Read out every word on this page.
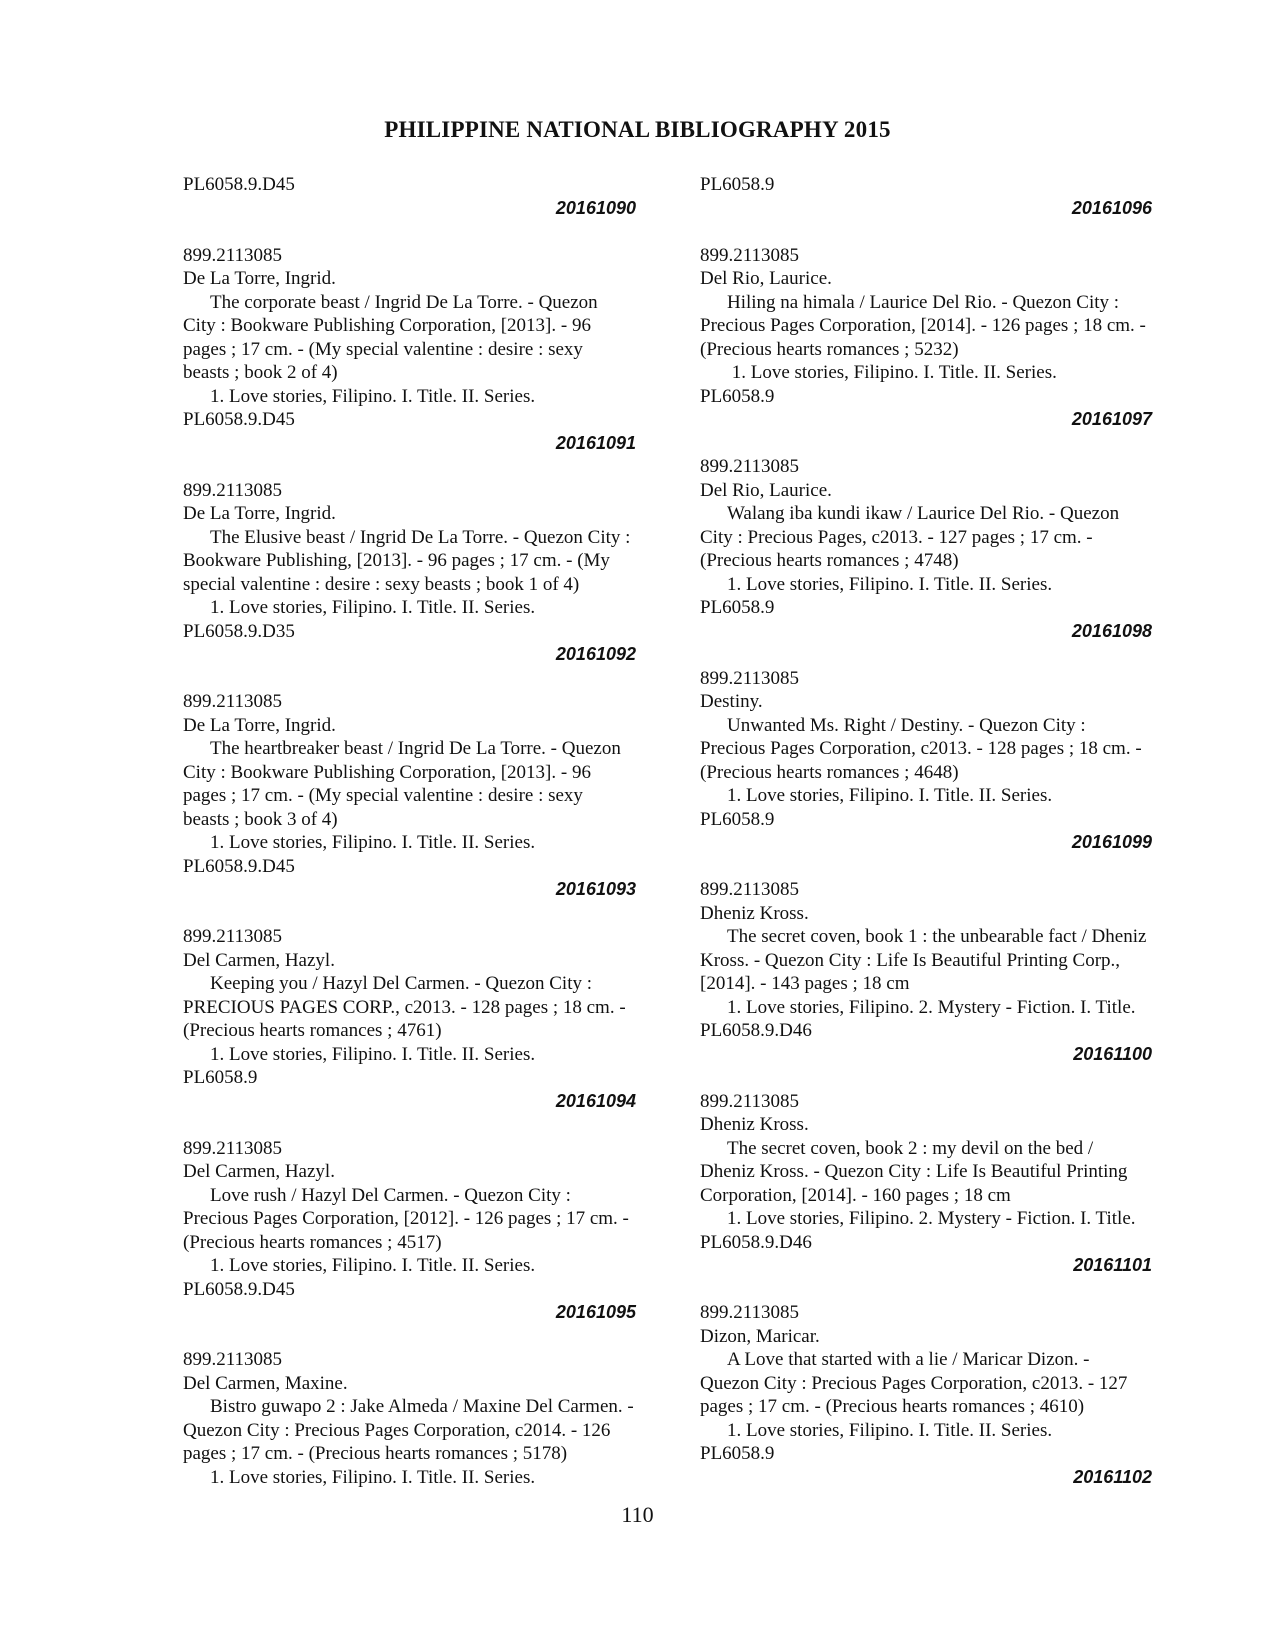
PHILIPPINE NATIONAL BIBLIOGRAPHY 2015
PL6058.9.D45
20161090
899.2113085
De La Torre, Ingrid.
The corporate beast / Ingrid De La Torre. - Quezon
City : Bookware Publishing Corporation, [2013]. - 96
pages ; 17 cm. - (My special valentine : desire : sexy
beasts ; book 2 of 4)
1. Love stories, Filipino. I. Title. II. Series.
PL6058.9.D45
20161091
899.2113085
De La Torre, Ingrid.
The Elusive beast / Ingrid De La Torre. - Quezon City :
Bookware Publishing, [2013]. - 96 pages ; 17 cm. - (My
special valentine : desire : sexy beasts ; book 1 of 4)
1. Love stories, Filipino. I. Title. II. Series.
PL6058.9.D35
20161092
899.2113085
De La Torre, Ingrid.
The heartbreaker beast / Ingrid De La Torre. - Quezon
City : Bookware Publishing Corporation, [2013]. - 96
pages ; 17 cm. - (My special valentine : desire : sexy
beasts ; book 3 of 4)
1. Love stories, Filipino. I. Title. II. Series.
PL6058.9.D45
20161093
899.2113085
Del Carmen, Hazyl.
Keeping you / Hazyl Del Carmen. - Quezon City :
PRECIOUS PAGES CORP., c2013. - 128 pages ; 18 cm. -
(Precious hearts romances ; 4761)
1. Love stories, Filipino. I. Title. II. Series.
PL6058.9
20161094
899.2113085
Del Carmen, Hazyl.
Love rush / Hazyl Del Carmen. - Quezon City :
Precious Pages Corporation, [2012]. - 126 pages ; 17 cm. -
(Precious hearts romances ; 4517)
1. Love stories, Filipino. I. Title. II. Series.
PL6058.9.D45
20161095
899.2113085
Del Carmen, Maxine.
Bistro guwapo 2 : Jake Almeda / Maxine Del Carmen. -
Quezon City : Precious Pages Corporation, c2014. - 126
pages ; 17 cm. - (Precious hearts romances ; 5178)
1. Love stories, Filipino. I. Title. II. Series.
PL6058.9
20161096
899.2113085
Del Rio, Laurice.
Hiling na himala / Laurice Del Rio. - Quezon City :
Precious Pages Corporation, [2014]. - 126 pages ; 18 cm. -
(Precious hearts romances ; 5232)
1. Love stories, Filipino. I. Title. II. Series.
PL6058.9
20161097
899.2113085
Del Rio, Laurice.
Walang iba kundi ikaw / Laurice Del Rio. - Quezon
City : Precious Pages, c2013. - 127 pages ; 17 cm. -
(Precious hearts romances ; 4748)
1. Love stories, Filipino. I. Title. II. Series.
PL6058.9
20161098
899.2113085
Destiny.
Unwanted Ms. Right / Destiny. - Quezon City :
Precious Pages Corporation, c2013. - 128 pages ; 18 cm. -
(Precious hearts romances ; 4648)
1. Love stories, Filipino. I. Title. II. Series.
PL6058.9
20161099
899.2113085
Dheniz Kross.
The secret coven, book 1 : the unbearable fact / Dheniz
Kross. - Quezon City : Life Is Beautiful Printing Corp.,
[2014]. - 143 pages ; 18 cm
1. Love stories, Filipino. 2. Mystery - Fiction. I. Title.
PL6058.9.D46
20161100
899.2113085
Dheniz Kross.
The secret coven, book 2 : my devil on the bed /
Dheniz Kross. - Quezon City : Life Is Beautiful Printing
Corporation, [2014]. - 160 pages ; 18 cm
1. Love stories, Filipino. 2. Mystery - Fiction. I. Title.
PL6058.9.D46
20161101
899.2113085
Dizon, Maricar.
A Love that started with a lie / Maricar Dizon. -
Quezon City : Precious Pages Corporation, c2013. - 127
pages ; 17 cm. - (Precious hearts romances ; 4610)
1. Love stories, Filipino. I. Title. II. Series.
PL6058.9
20161102
110
